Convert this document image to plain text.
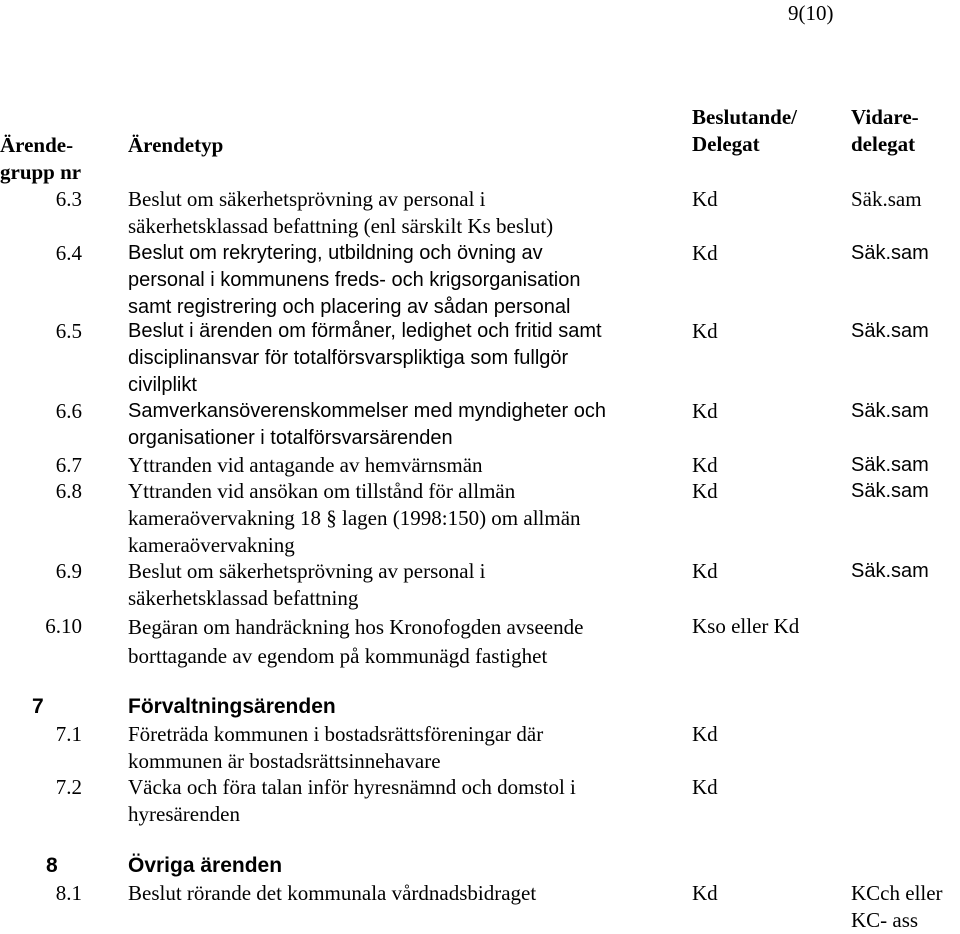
9(10)
Ärende-
grupp nr
Ärendetyp
Beslutande/
Delegat
Vidare-
delegat
6.3 Beslut om säkerhetsprövning av personal i
säkerhetsklassad befattning (enl särskilt Ks beslut)
Kd	Säk.sam
6.4 Beslut om rekrytering, utbildning och övning av
personal i kommunens freds- och krigsorganisation
samt registrering och placering av sådan personal
Kd	Säk.sam
6.5 Beslut i ärenden om förmåner, ledighet och fritid samt
disciplinansvar för totalförsvarspliktiga som fullgör
civilplikt
Kd	Säk.sam
6.6 Samverkansöverenskommelser med myndigheter och
organisationer i totalförsvarsärenden
Kd	Säk.sam
6.7 Yttranden vid antagande av hemvärnsmän	Kd	Säk.sam
6.8 Yttranden vid ansökan om tillstånd för allmän
kameraövervakning 18 § lagen (1998:150) om allmän
kameraövervakning
Kd	Säk.sam
6.9 Beslut om säkerhetsprövning av personal i
säkerhetsklassad befattning
Kd	Säk.sam
6.10 Begäran om handräckning hos Kronofogden avseende
borttagande av egendom på kommunägd fastighet
Kso eller Kd
7	Förvaltningsärenden
7.1 Företräda kommunen i bostadsrättsföreningar där
kommunen är bostadsrättsinnehavare
Kd
7.2 Väcka och föra talan inför hyresnämnd och domstol i
hyresärenden
Kd
8	Övriga ärenden
8.1 Beslut rörande det kommunala vårdnadsbidraget	Kd	KCch eller
KC- ass
